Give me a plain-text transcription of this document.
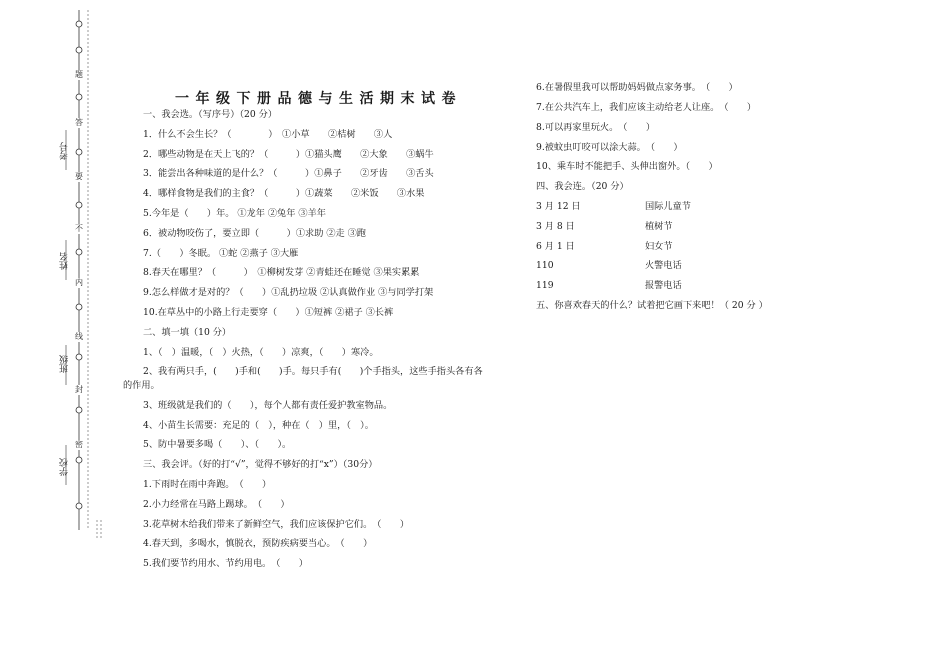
考号
姓名
班级
学校
题
答
要
不
内
线
封
密
一年级下册品德与生活期末试卷
一、我会选。（写序号）（20 分）
1．什么不会生长？（　　　　）　①小草　　②桔树　　③人
2．哪些动物是在天上飞的？（　　　）①猫头鹰　　②大象　　③蜗牛
3．能尝出各种味道的是什么？（　　　）①鼻子　　②牙齿　　③舌头
4．哪样食物是我们的主食？（　　　）①蔬菜　　②米饭　　③水果
5.今年是（　　）年。 ①龙年 ②兔年 ③羊年
6．被动物咬伤了，要立即（　　　）①求助 ②走 ③跑
7.（　　）冬眠。 ①蛇 ②燕子 ③大雁
8.春天在哪里？（　　　）　①柳树发芽 ②青蛙还在睡觉 ③果实累累
9.怎么样做才是对的？（　　）①乱扔垃圾 ②认真做作业 ③与同学打架
10.在草丛中的小路上行走要穿（　　）①短裤 ②裙子 ③长裤
二、填一填（10 分）
1、（　）温暖，（　）火热，（　　）凉爽，（　　）寒冷。
2、我有两只手，(　　)手和(　　)手。每只手有(　　)个手指头，这些手指头各有各
的作用。
3、班级就是我们的（　　），每个人都有责任爱护教室物品。
4、小苗生长需要：充足的（　），种在（　）里，（　）。
5、防中暑要多喝（　　）、（　　）。
三、我会评。（好的打“√”，觉得不够好的打“x”）（30分）
1.下雨时在雨中奔跑。　（　　）
2.小力经常在马路上踢球。　（　　）
3.花草树木给我们带来了新鲜空气，我们应该保护它们。　（　　）
4.春天到，多喝水，慎脱衣，预防疾病要当心。　（　　）
5.我们要节约用水、节约用电。　（　　）
6.在暑假里我可以帮助妈妈做点家务事。　（　　）
7.在公共汽车上，我们应该主动给老人让座。　（　　）
8.可以再家里玩火。　（　　）
9.被蚊虫叮咬可以涂大蒜。　（　　）
10、乘车时不能把手、头伸出窗外。（　　）
四、我会连。（20 分）
3 月 12 日	国际儿童节
3 月 8 日	植树节
6 月 1 日	妇女节
110	火警电话
119	报警电话
五、你喜欢春天的什么？试着把它画下来吧！（ 20 分 ）
